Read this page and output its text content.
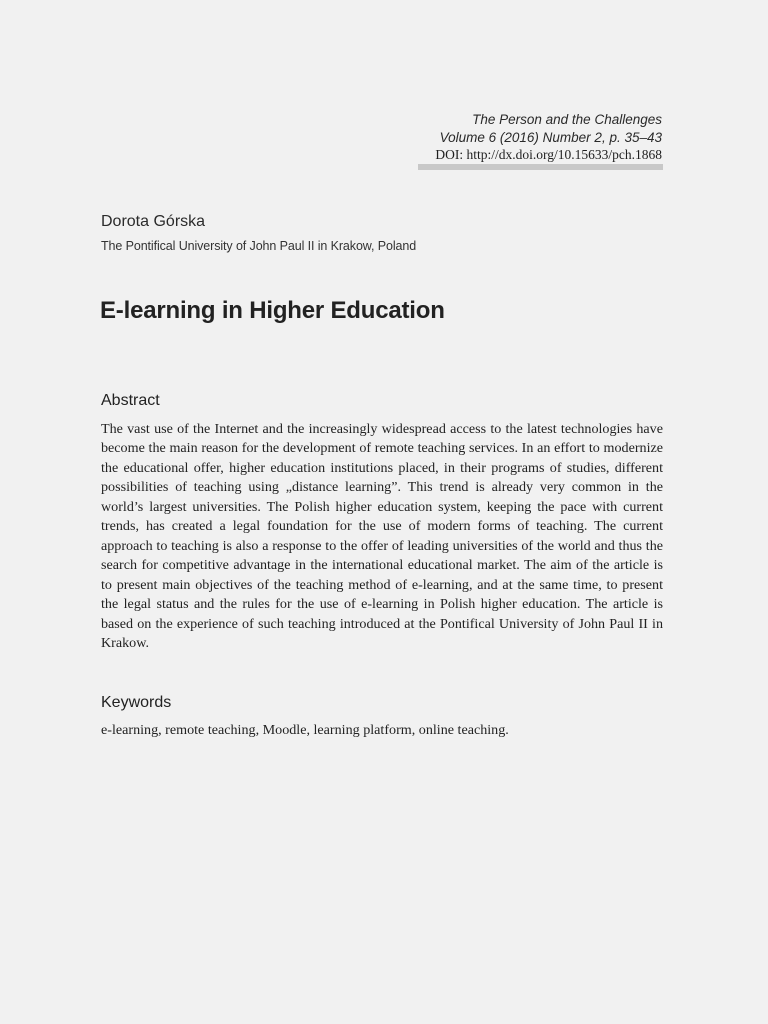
The Person and the Challenges
Volume 6 (2016) Number 2, p. 35–43
DOI: http://dx.doi.org/10.15633/pch.1868
Dorota Górska
The Pontifical University of John Paul II in Krakow, Poland
E-learning in Higher Education
Abstract
The vast use of the Internet and the increasingly widespread access to the latest technologies have become the main reason for the development of remote teaching services. In an effort to modernize the educational offer, higher education institutions placed, in their programs of studies, different possibilities of teaching using „distance learning”. This trend is already very common in the world’s largest universities. The Polish higher education system, keeping the pace with current trends, has created a legal foundation for the use of modern forms of teaching. The current approach to teaching is also a response to the offer of leading universities of the world and thus the search for competitive advantage in the international educational market. The aim of the article is to present main objectives of the teaching method of e-learning, and at the same time, to present the legal status and the rules for the use of e-learning in Polish higher education. The article is based on the experience of such teaching introduced at the Pontifical University of John Paul II in Krakow.
Keywords
e-learning, remote teaching, Moodle, learning platform, online teaching.
